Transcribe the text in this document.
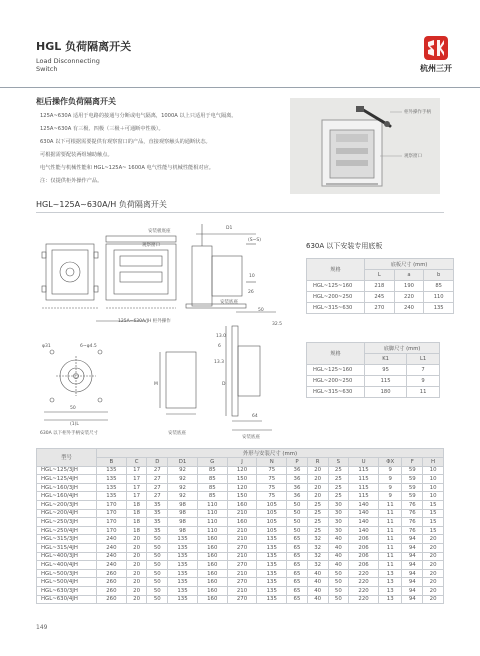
HGL 负荷隔离开关
Load Disconnecting
Switch	杭州三开
柜后操作负荷隔离开关

125A~630A 适用于电路的接通与分断或电气隔离，1000A 以上只适用于电气隔离。

125A~630A 有三极、四极（三极＋可通断中性极）。

630A 以下可根据需要提供有观察窗口的产品，直接观察触头的通断状态。

可根据需要配装两组辅助触点。

电气性能与机械性能和 HGL~125A~ 1600A 电气性能与机械性能相对应。

注：仅提供柜外操作产品。

柜外操作手柄
观察窗口
HGL~125A~630A/H 负荷隔离开关
安装板底座
观察窗口
安装底座
D1
(S~S)
10
26
50
125A~630A/JH 柜外操作
φ31	6~φ4.5
32.5
13.0
6
13.3
50
(1)L
64
M	D
630A 以下柜外手柄安装尺寸	安装底座
安装底座
630A 以下安装专用底板
规格	底板尺寸 (mm)		
	L	a	b
HGL~125~160	218	190	85
HGL~200~250	245	220	110
HGL~315~630	270	240	135
规格	底脚尺寸 (mm)	
	K1	L1
HGL~125~160	95	7
HGL~200~250	115	9
HGL~315~630	180	11
型号	外形与安装尺寸 (mm)													
	B	C	D	D1	G	J	N	P	R	S	U	ΦX	F	H
HGL~125/3JH	135	17	27	92	85	120	75	36	20	25	115	9	59	10
HGL~125/4JH	135	17	27	92	85	150	75	36	20	25	115	9	59	10
HGL~160/3JH	135	17	27	92	85	120	75	36	20	25	115	9	59	10
HGL~160/4JH	135	17	27	92	85	150	75	36	20	25	115	9	59	10
HGL~200/3JH	170	18	35	98	110	160	105	50	25	30	140	11	76	15
HGL~200/4JH	170	18	35	98	110	210	105	50	25	30	140	11	76	15
HGL~250/3JH	170	18	35	98	110	160	105	50	25	30	140	11	76	15
HGL~250/4JH	170	18	35	98	110	210	105	50	25	30	140	11	76	15
HGL~315/3JH	240	20	50	135	160	210	135	65	32	40	206	11	94	20
HGL~315/4JH	240	20	50	135	160	270	135	65	32	40	206	11	94	20
HGL~400/3JH	240	20	50	135	160	210	135	65	32	40	206	11	94	20
HGL~400/4JH	240	20	50	135	160	270	135	65	32	40	206	11	94	20
HGL~500/3JH	260	20	50	135	160	210	135	65	40	50	220	13	94	20
HGL~500/4JH	260	20	50	135	160	270	135	65	40	50	220	13	94	20
HGL~630/3JH	260	20	50	135	160	210	135	65	40	50	220	13	94	20
HGL~630/4JH	260	20	50	135	160	270	135	65	40	50	220	13	94	20
149
